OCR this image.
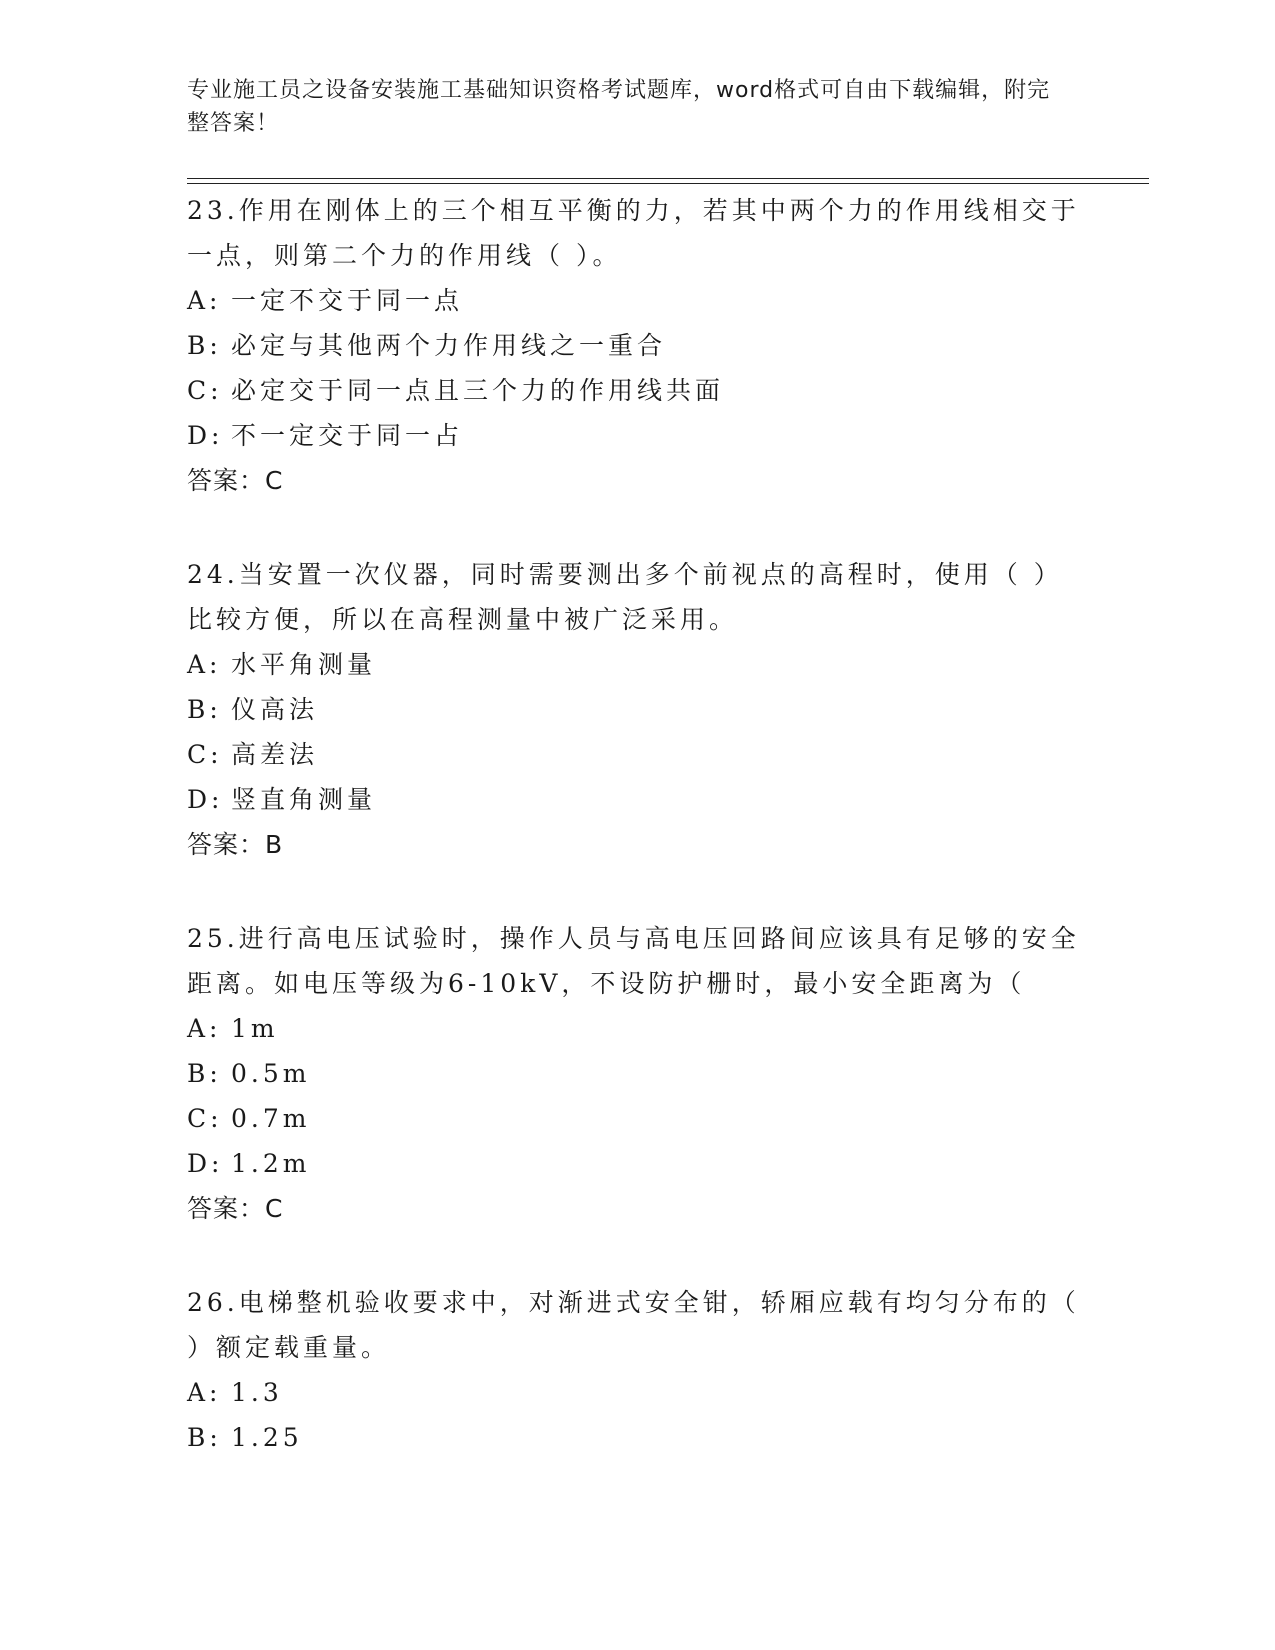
专业施工员之设备安装施工基础知识资格考试题库，word格式可自由下载编辑，附完整答案！

23.作用在刚体上的三个相互平衡的力，若其中两个力的作用线相交于一点，则第二个力的作用线（ ）。

A: 一定不交于同一点

B: 必定与其他两个力作用线之一重合

C: 必定交于同一点且三个力的作用线共面

D: 不一定交于同一占

答案：C

24.当安置一次仪器，同时需要测出多个前视点的高程时，使用（ ）比较方便，所以在高程测量中被广泛采用。

A: 水平角测量

B: 仪高法

C: 高差法

D: 竖直角测量

答案：B

25.进行高电压试验时，操作人员与高电压回路间应该具有足够的安全距离。如电压等级为6-10kV，不设防护栅时，最小安全距离为（

A: 1m

B: 0.5m

C: 0.7m

D: 1.2m

答案：C

26.电梯整机验收要求中，对渐进式安全钳，轿厢应载有均匀分布的（ ）额定载重量。

A: 1.3

B: 1.25
